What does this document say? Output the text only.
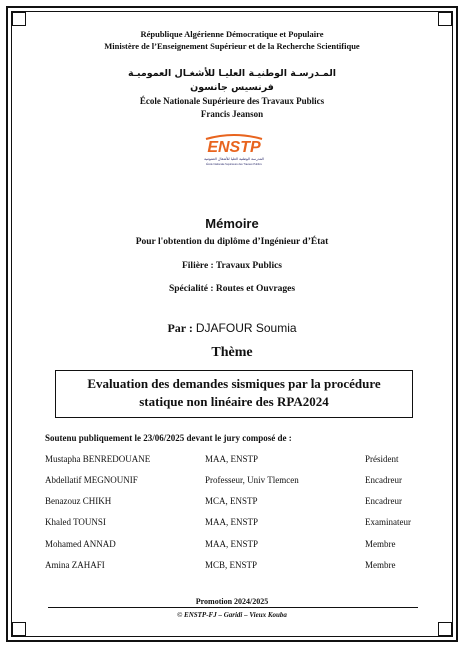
République Algérienne Démocratique et Populaire
Ministère de l’Enseignement Supérieur et de la Recherche Scientifique
المـدرسـة الوطنيـة العليـا للأشغـال العموميـة
فرنسيس جانسون
École Nationale Supérieure des Travaux Publics
Francis Jeanson
ENSTP
المدرسة الوطنية العليا للأشغال العمومية
École Nationale Supérieure des Travaux Publics
Mémoire
Pour l'obtention du diplôme d’Ingénieur d’État
Filière : Travaux Publics
Spécialité : Routes et Ouvrages
Par : DJAFOUR Soumia
Thème
Evaluation des demandes sismiques par la procédure
statique non linéaire des RPA2024
Soutenu publiquement le 23/06/2025 devant le jury composé de :
Mustapha BENREDOUANE	MAA, ENSTP	Président
Abdellatif MEGNOUNIF	Professeur, Univ Tlemcen	Encadreur
Benazouz CHIKH	MCA, ENSTP	Encadreur
Khaled TOUNSI	MAA, ENSTP	Examinateur
Mohamed ANNAD	MAA, ENSTP	Membre
Amina ZAHAFI	MCB, ENSTP	Membre
Promotion 2024/2025
© ENSTP-FJ – Garidi – Vieux Kouba
